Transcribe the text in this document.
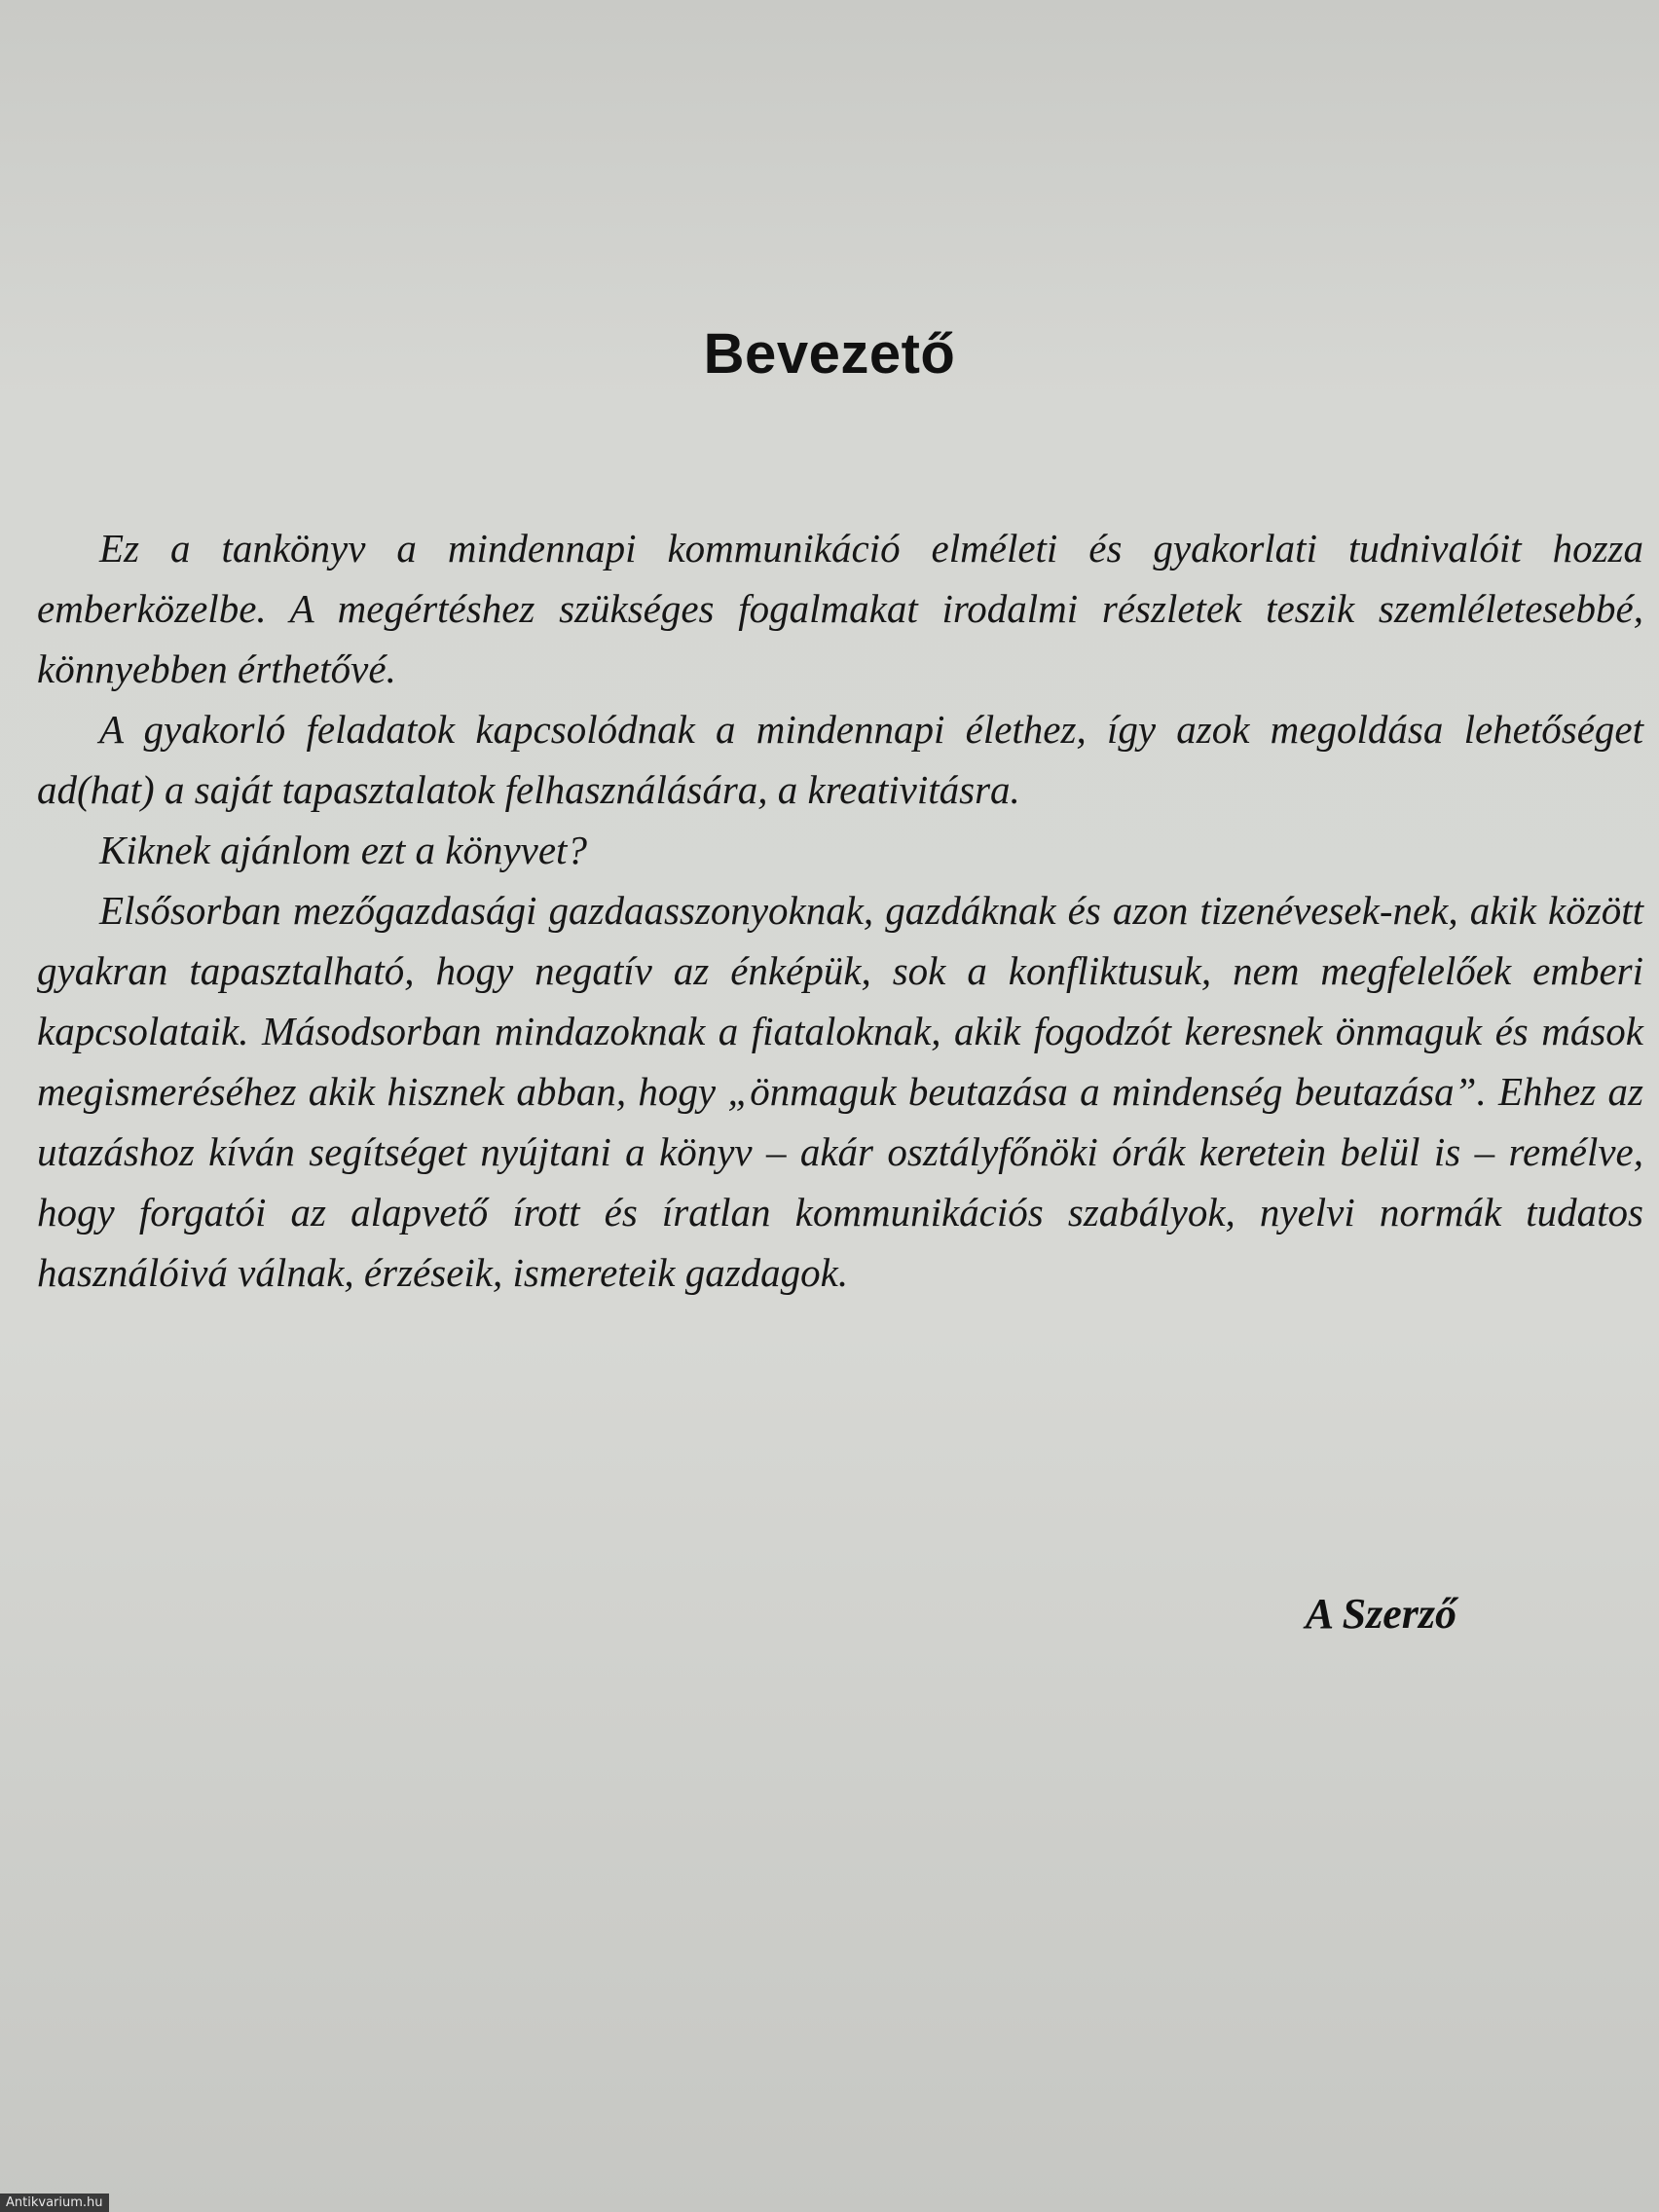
Bevezető

Ez a tankönyv a mindennapi kommunikáció elméleti és gyakorlati tudnivalóit hozza emberközelbe. A megértéshez szükséges fogalmakat irodalmi részletek teszik szemléletesebbé, könnyebben érthetővé.

A gyakorló feladatok kapcsolódnak a mindennapi élethez, így azok megoldása lehetőséget ad(hat) a saját tapasztalatok felhasználására, a kreativitásra.

Kiknek ajánlom ezt a könyvet?

Elsősorban mezőgazdasági gazdaasszonyoknak, gazdáknak és azon tizenévesek-nek, akik között gyakran tapasztalható, hogy negatív az énképük, sok a konfliktusuk, nem megfelelőek emberi kapcsolataik. Másodsorban mindazoknak a fiataloknak, akik fogodzót keresnek önmaguk és mások megismeréséhez akik hisznek abban, hogy „önmaguk beutazása a mindenség beutazása”. Ehhez az utazáshoz kíván segítséget nyújtani a könyv – akár osztályfőnöki órák keretein belül is – remélve, hogy forgatói az alapvető írott és íratlan kommunikációs szabályok, nyelvi normák tudatos használóivá válnak, érzéseik, ismereteik gazdagok.

A Szerző

Antikvarium.hu
